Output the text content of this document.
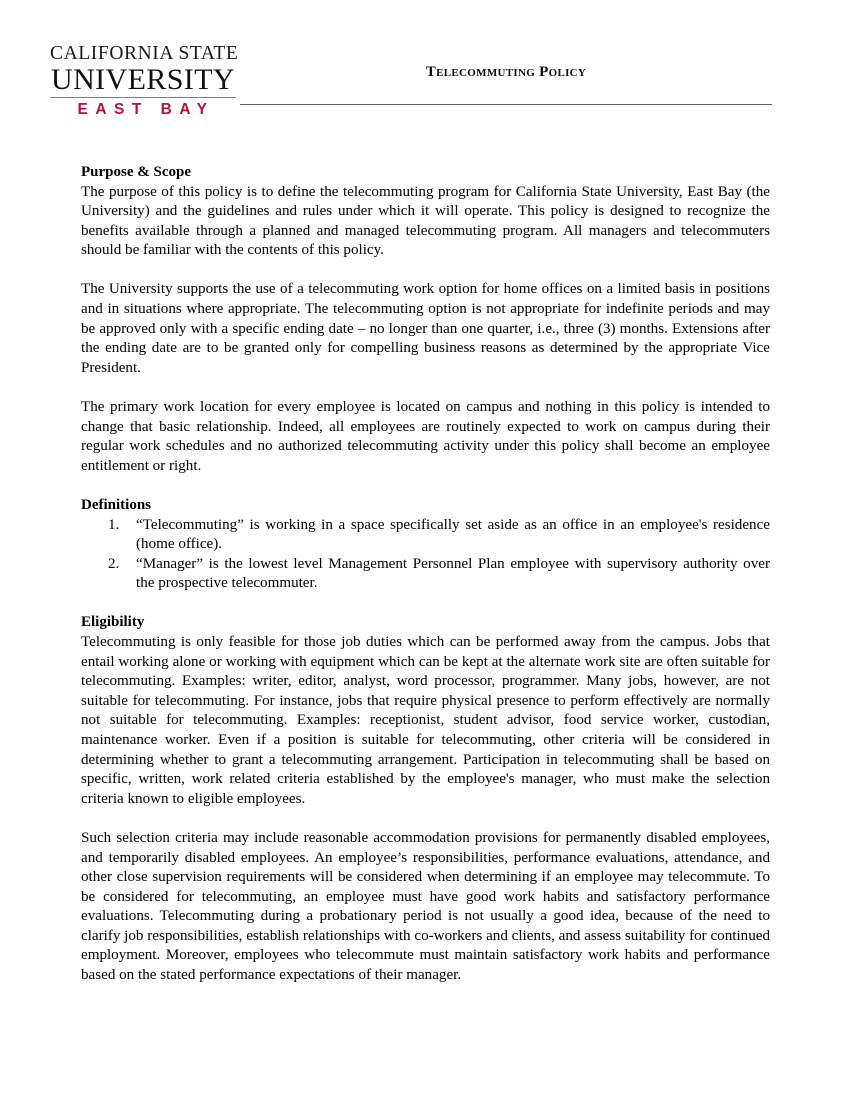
CALIFORNIA STATE
UNIVERSITY
EAST BAY
Telecommuting Policy
Purpose & Scope

The purpose of this policy is to define the telecommuting program for California State University, East Bay (the University) and the guidelines and rules under which it will operate. This policy is designed to recognize the benefits available through a planned and managed telecommuting program. All managers and telecommuters should be familiar with the contents of this policy.

The University supports the use of a telecommuting work option for home offices on a limited basis in positions and in situations where appropriate. The telecommuting option is not appropriate for indefinite periods and may be approved only with a specific ending date – no longer than one quarter, i.e., three (3) months. Extensions after the ending date are to be granted only for compelling business reasons as determined by the appropriate Vice President.

The primary work location for every employee is located on campus and nothing in this policy is intended to change that basic relationship. Indeed, all employees are routinely expected to work on campus during their regular work schedules and no authorized telecommuting activity under this policy shall become an employee entitlement or right.

Definitions
1.	“Telecommuting” is working in a space specifically set aside as an office in an employee's residence (home office).
2.	“Manager” is the lowest level Management Personnel Plan employee with supervisory authority over the prospective telecommuter.
Eligibility

Telecommuting is only feasible for those job duties which can be performed away from the campus. Jobs that entail working alone or working with equipment which can be kept at the alternate work site are often suitable for telecommuting. Examples: writer, editor, analyst, word processor, programmer. Many jobs, however, are not suitable for telecommuting. For instance, jobs that require physical presence to perform effectively are normally not suitable for telecommuting. Examples: receptionist, student advisor, food service worker, custodian, maintenance worker. Even if a position is suitable for telecommuting, other criteria will be considered in determining whether to grant a telecommuting arrangement. Participation in telecommuting shall be based on specific, written, work related criteria established by the employee's manager, who must make the selection criteria known to eligible employees.

Such selection criteria may include reasonable accommodation provisions for permanently disabled employees, and temporarily disabled employees. An employee’s responsibilities, performance evaluations, attendance, and other close supervision requirements will be considered when determining if an employee may telecommute. To be considered for telecommuting, an employee must have good work habits and satisfactory performance evaluations. Telecommuting during a probationary period is not usually a good idea, because of the need to clarify job responsibilities, establish relationships with co-workers and clients, and assess suitability for continued employment. Moreover, employees who telecommute must maintain satisfactory work habits and performance based on the stated performance expectations of their manager.
